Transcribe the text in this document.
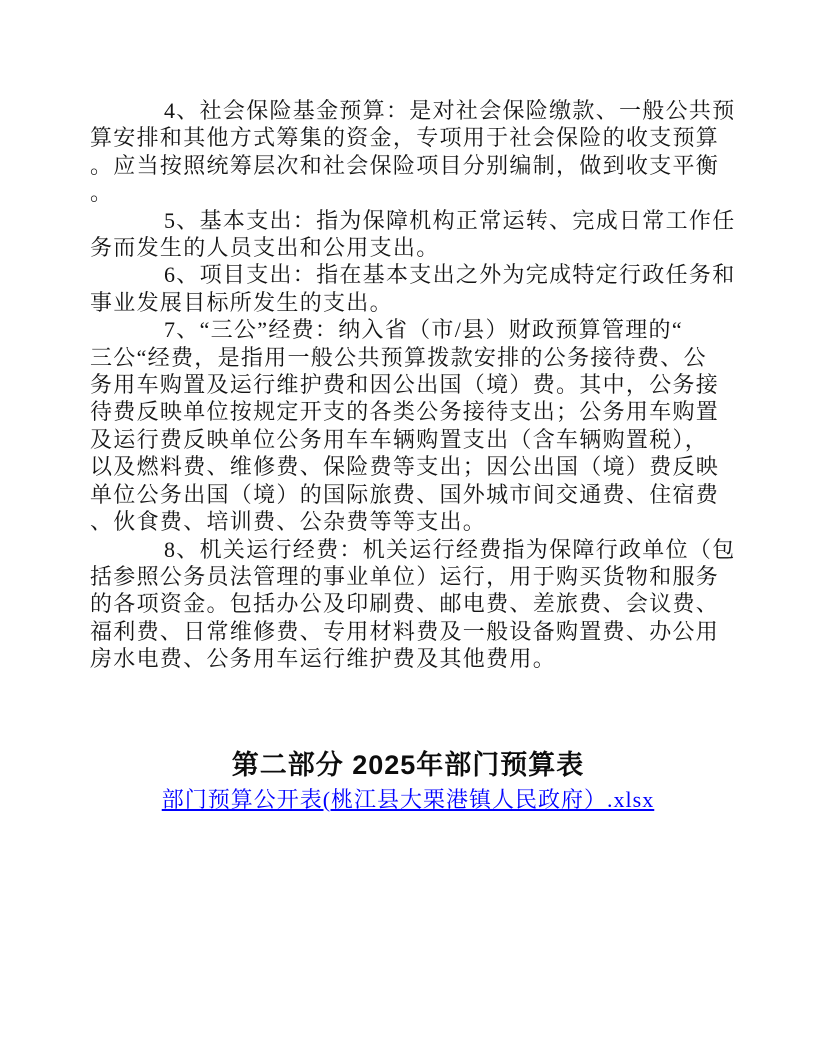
4、社会保险基金预算：是对社会保险缴款、一般公共预
算安排和其他方式筹集的资金，专项用于社会保险的收支预算
。应当按照统筹层次和社会保险项目分别编制，做到收支平衡
。

5、基本支出：指为保障机构正常运转、完成日常工作任
务而发生的人员支出和公用支出。

6、项目支出：指在基本支出之外为完成特定行政任务和
事业发展目标所发生的支出。

7、“三公”经费：纳入省（市/县）财政预算管理的“
三公“经费，是指用一般公共预算拨款安排的公务接待费、公
务用车购置及运行维护费和因公出国（境）费。其中，公务接
待费反映单位按规定开支的各类公务接待支出；公务用车购置
及运行费反映单位公务用车车辆购置支出（含车辆购置税），
以及燃料费、维修费、保险费等支出；因公出国（境）费反映
单位公务出国（境）的国际旅费、国外城市间交通费、住宿费
、伙食费、培训费、公杂费等等支出。

8、机关运行经费：机关运行经费指为保障行政单位（包
括参照公务员法管理的事业单位）运行，用于购买货物和服务
的各项资金。包括办公及印刷费、邮电费、差旅费、会议费、
福利费、日常维修费、专用材料费及一般设备购置费、办公用
房水电费、公务用车运行维护费及其他费用。

第二部分 2025年部门预算表
部门预算公开表(桃江县大栗港镇人民政府）.xlsx
